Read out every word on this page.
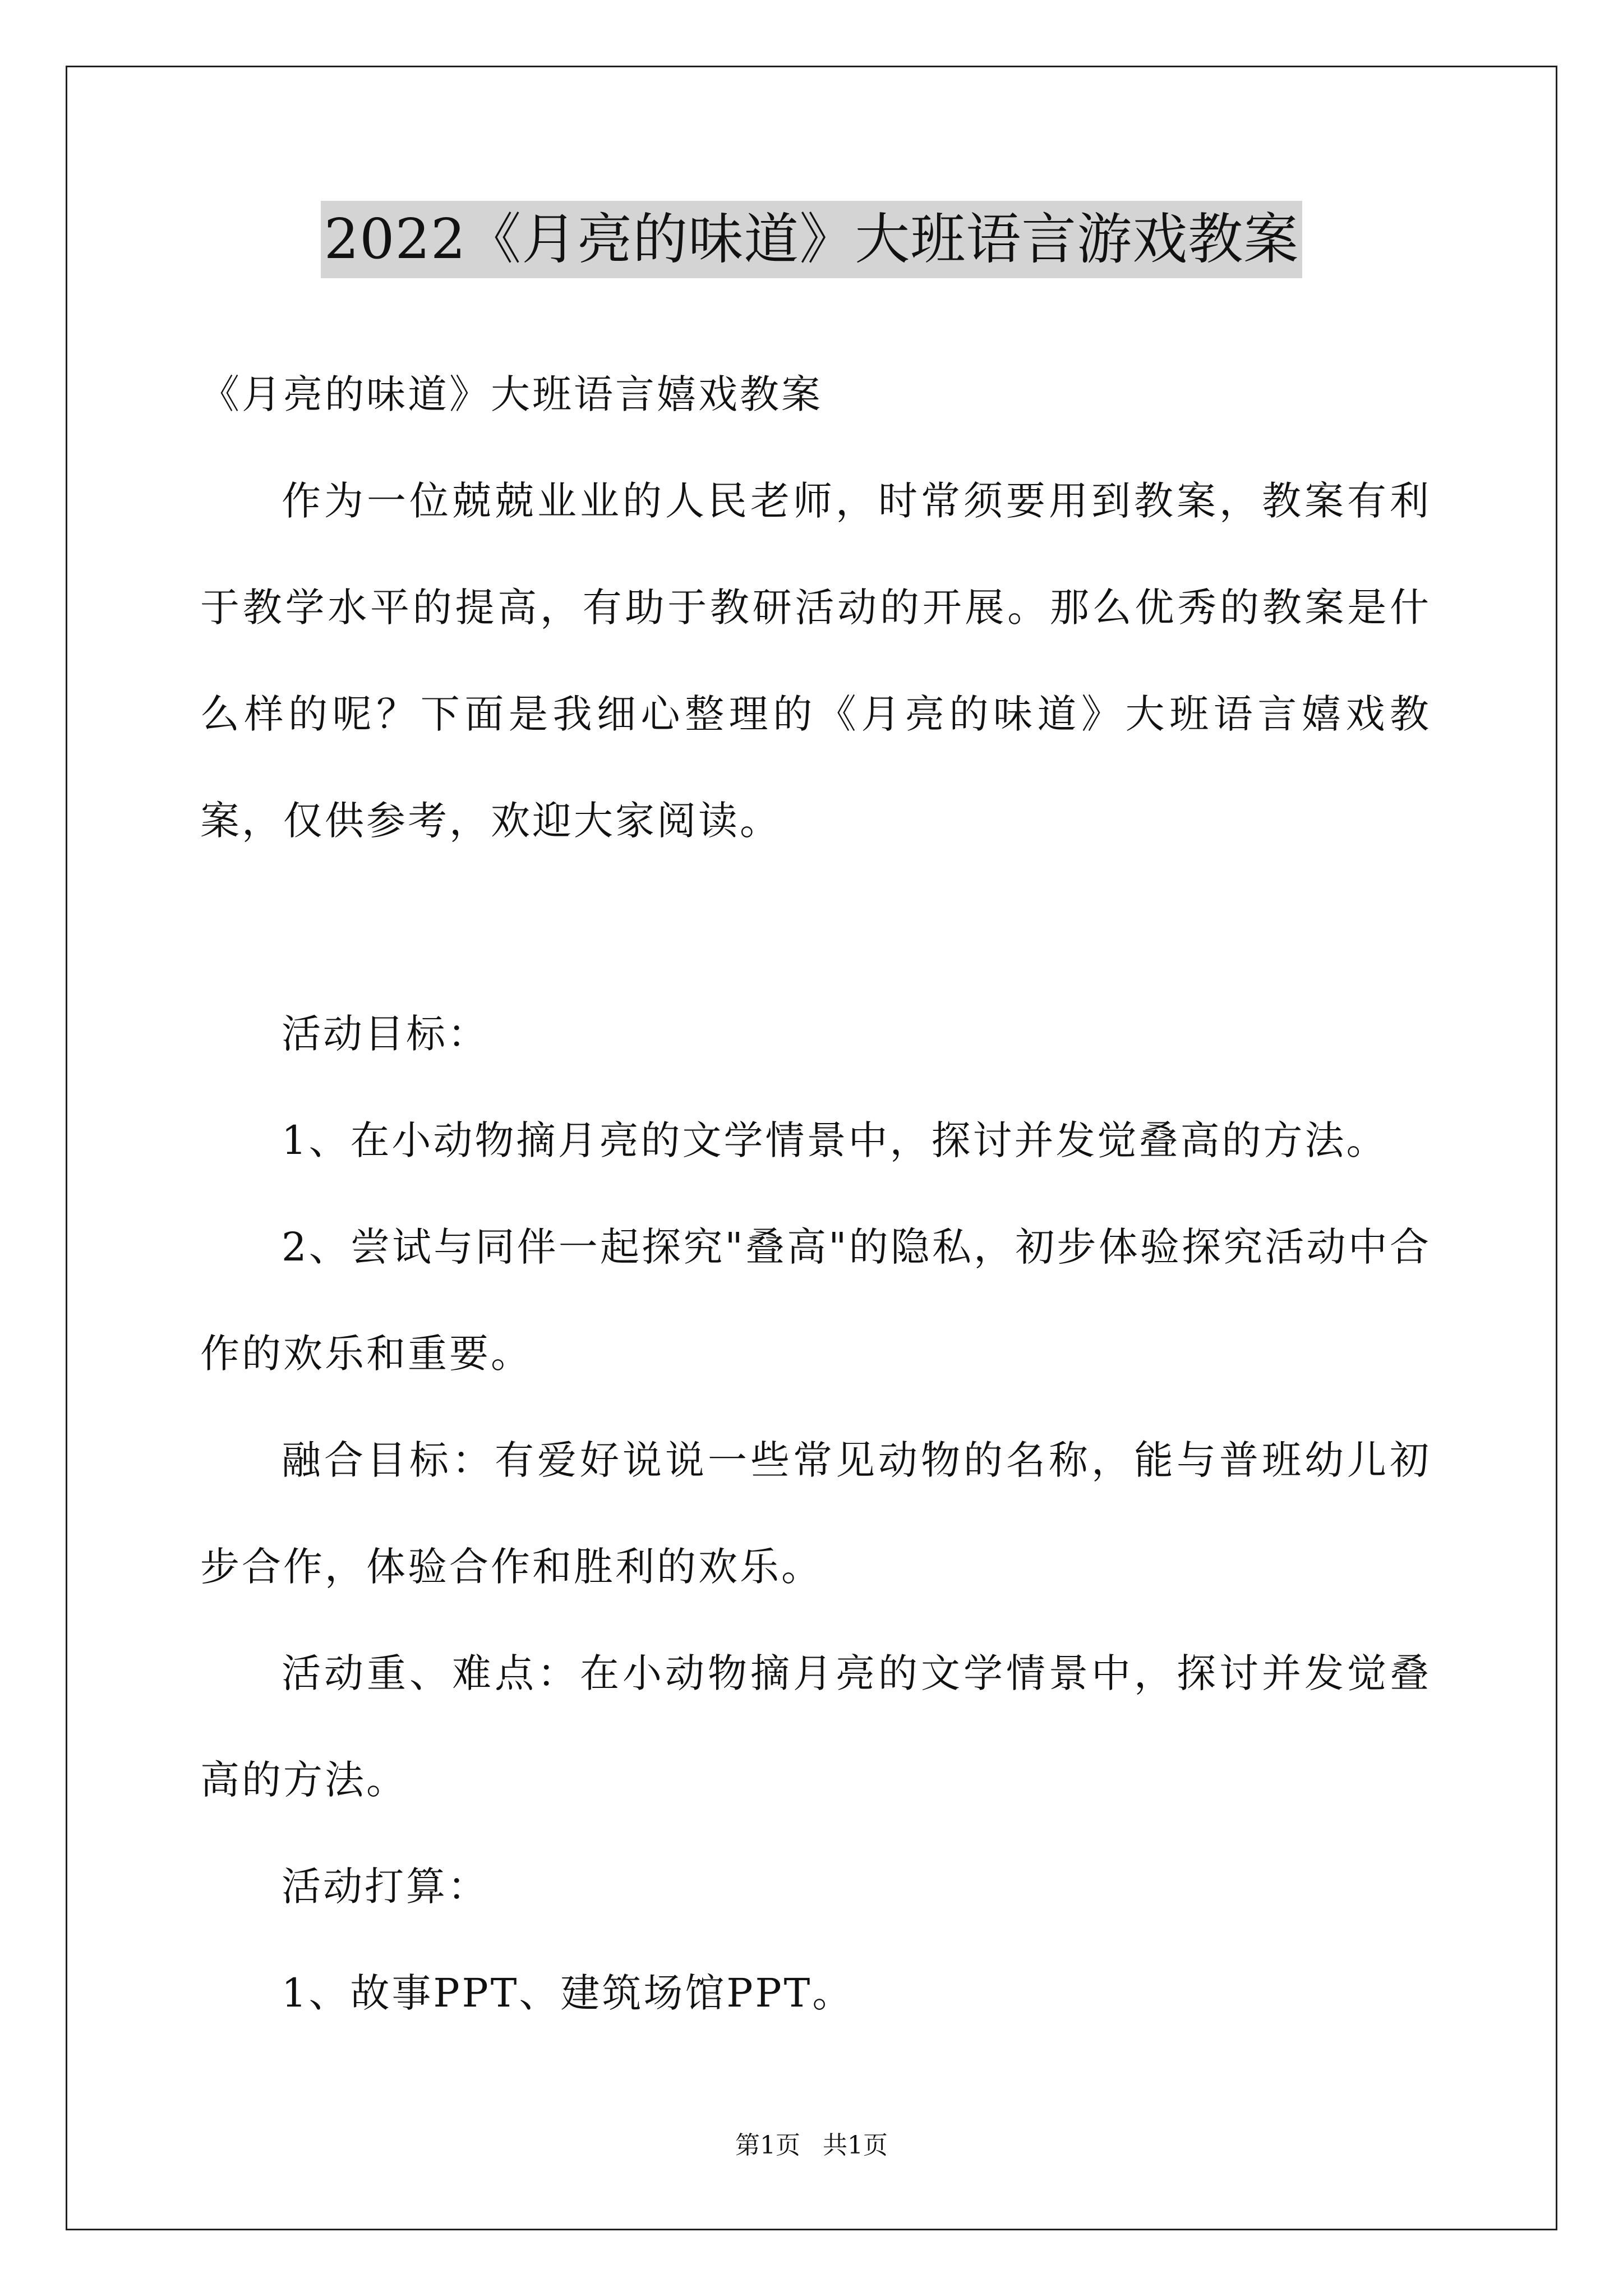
2022《月亮的味道》大班语言游戏教案

《月亮的味道》大班语言嬉戏教案

作为一位兢兢业业的人民老师，时常须要用到教案，教案有利于教学水平的提高，有助于教研活动的开展。那么优秀的教案是什么样的呢？下面是我细心整理的《月亮的味道》大班语言嬉戏教案，仅供参考，欢迎大家阅读。

活动目标：

1、在小动物摘月亮的文学情景中，探讨并发觉叠高的方法。

2、尝试与同伴一起探究"叠高"的隐私，初步体验探究活动中合作的欢乐和重要。

融合目标：有爱好说说一些常见动物的名称，能与普班幼儿初步合作，体验合作和胜利的欢乐。

活动重、难点：在小动物摘月亮的文学情景中，探讨并发觉叠高的方法。

活动打算：

1、故事PPT、建筑场馆PPT。

第1页 共1页
